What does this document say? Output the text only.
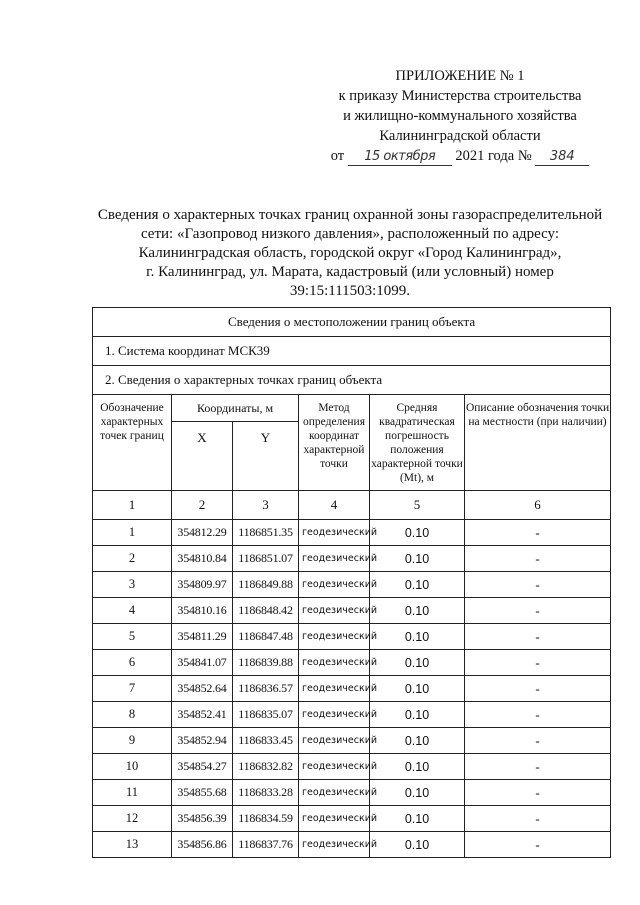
ПРИЛОЖЕНИЕ № 1
к приказу Министерства строительства
и жилищно-коммунального хозяйства
Калининградской области
от 15 октября 2021 года № 384
Сведения о характерных точках границ охранной зоны газораспределительной
сети: «Газопровод низкого давления», расположенный по адресу:
Калининградская область, городской округ «Город Калининград»,
г. Калининград, ул. Марата, кадастровый (или условный) номер
39:15:111503:1099.
Сведения о местоположении границ объекта					
1. Система координат МСК39					
2. Сведения о характерных точках границ объекта					
Обозначение характерных точек границ	Координаты, м		Метод определения координат характерной точки	Средняя квадратическая погрешность положения характерной точки (Mt), м	Описание обозначения точки на местности (при наличии)
	X	Y			
1	2	3	4	5	6
1	354812.29	1186851.35	геодезический	0.10	-
2	354810.84	1186851.07	геодезический	0.10	-
3	354809.97	1186849.88	геодезический	0.10	-
4	354810.16	1186848.42	геодезический	0.10	-
5	354811.29	1186847.48	геодезический	0.10	-
6	354841.07	1186839.88	геодезический	0.10	-
7	354852.64	1186836.57	геодезический	0.10	-
8	354852.41	1186835.07	геодезический	0.10	-
9	354852.94	1186833.45	геодезический	0.10	-
10	354854.27	1186832.82	геодезический	0.10	-
11	354855.68	1186833.28	геодезический	0.10	-
12	354856.39	1186834.59	геодезический	0.10	-
13	354856.86	1186837.76	геодезический	0.10	-
